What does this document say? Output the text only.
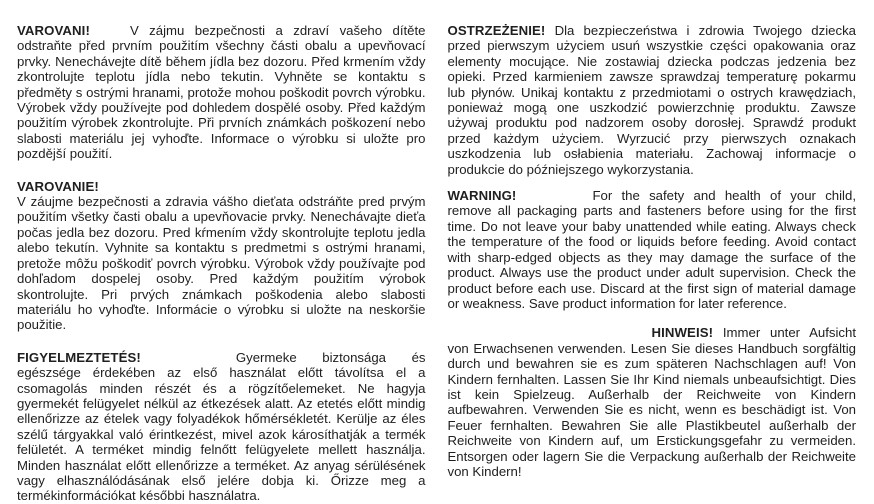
VAROVANI!	V zájmu bezpečnosti a zdraví vašeho dítěte odstraňte před prvním použitím všechny části obalu a upevňovací prvky. Nenechávejte dítě během jídla bez dozoru. Před krmením vždy zkontrolujte teplotu jídla nebo tekutin. Vyhněte se kontaktu s předměty s ostrými hranami, protože mohou poškodit povrch výrobku. Výrobek vždy používejte pod dohledem dospělé osoby. Před každým použitím výrobek zkontrolujte. Při prvních známkách poškození nebo slabosti materiálu jej vyhoďte. Informace o výrobku si uložte pro pozdější použití.

VAROVANIE!

V záujme bezpečnosti a zdravia vášho dieťata odstráňte pred prvým použitím všetky časti obalu a upevňovacie prvky. Nenechávajte dieťa počas jedla bez dozoru. Pred kŕmením vždy skontrolujte teplotu jedla alebo tekutín. Vyhnite sa kontaktu s predmetmi s ostrými hranami, pretože môžu poškodiť povrch výrobku. Výrobok vždy používajte pod dohľadom dospelej osoby. Pred každým použitím výrobok skontrolujte. Pri prvých známkach poškodenia alebo slabosti materiálu ho vyhoďte. Informácie o výrobku si uložte na neskoršie použitie.

FIGYELMEZTETÉS!	Gyermeke biztonsága és egészsége érdekében az első használat előtt távolítsa el a csomagolás minden részét és a rögzítőelemeket. Ne hagyja gyermekét felügyelet nélkül az étkezések alatt. Az etetés előtt mindig ellenőrizze az ételek vagy folyadékok hőmérsékletét. Kerülje az éles szélű tárgyakkal való érintkezést, mivel azok károsíthatják a termék felületét. A terméket mindig felnőtt felügyelete mellett használja. Minden használat előtt ellenőrizze a terméket. Az anyag sérülésének vagy elhasználódásának első jelére dobja ki. Őrizze meg a termékinformációkat későbbi használatra.

OSTRZEŻENIE! Dla bezpieczeństwa i zdrowia Twojego dziecka przed pierwszym użyciem usuń wszystkie części opakowania oraz elementy mocujące. Nie zostawiaj dziecka podczas jedzenia bez opieki. Przed karmieniem zawsze sprawdzaj temperaturę pokarmu lub płynów. Unikaj kontaktu z przedmiotami o ostrych krawędziach, ponieważ mogą one uszkodzić powierzchnię produktu. Zawsze używaj produktu pod nadzorem osoby dorosłej. Sprawdź produkt przed każdym użyciem. Wyrzucić przy pierwszych oznakach uszkodzenia lub osłabienia materiału. Zachowaj informacje o produkcie do późniejszego wykorzystania.

WARNING!	For the safety and health of your child, remove all packaging parts and fasteners before using for the first time. Do not leave your baby unattended while eating. Always check the temperature of the food or liquids before feeding. Avoid contact with sharp-edged objects as they may damage the surface of the product. Always use the product under adult supervision. Check the product before each use. Discard at the first sign of material damage or weakness. Save product information for later reference.

HINWEIS! Immer unter Aufsicht von Erwachsenen verwenden. Lesen Sie dieses Handbuch sorgfältig durch und bewahren sie es zum späteren Nachschlagen auf! Von Kindern fernhalten. Lassen Sie Ihr Kind niemals unbeaufsichtigt. Dies ist kein Spielzeug. Außerhalb der Reichweite von Kindern aufbewahren. Verwenden Sie es nicht, wenn es beschädigt ist. Von Feuer fernhalten. Bewahren Sie alle Plastikbeutel außerhalb der Reichweite von Kindern auf, um Erstickungsgefahr zu vermeiden. Entsorgen oder lagern Sie die Verpackung außerhalb der Reichweite von Kindern!
